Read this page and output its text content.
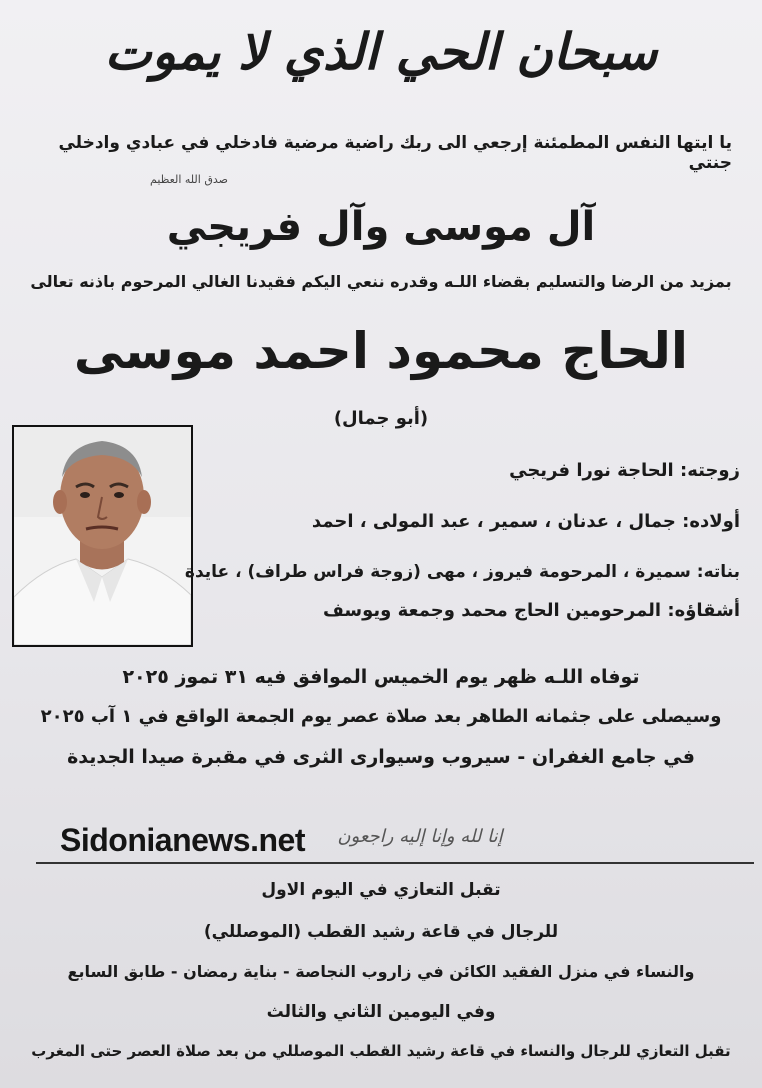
سبحان الحي الذي لا يموت
يا ايتها النفس المطمئنة إرجعي الى ربك راضية مرضية فادخلي في عبادي وادخلي جنتي
صدق الله العظيم
آل موسى وآل فريجي
بمزيد من الرضا والتسليم بقضاء اللـه وقدره ننعي اليكم فقيدنا الغالي المرحوم باذنه تعالى
الحاج محمود احمد موسى
(أبو جمال)
زوجته: الحاجة نورا فريجي
أولاده: جمال ، عدنان ، سمير ، عبد المولى ، احمد
بناته: سميرة ، المرحومة فيروز ، مهى (زوجة فراس طراف) ، عايدة
أشقاؤه: المرحومين الحاج محمد وجمعة ويوسف
توفاه اللـه ظهر يوم الخميس الموافق فيه ٣١ تموز ٢٠٢٥
وسيصلى على جثمانه الطاهر بعد صلاة عصر يوم الجمعة الواقع في ١ آب ٢٠٢٥
في جامع الغفران - سيروب وسيوارى الثرى في مقبرة صيدا الجديدة
Sidonianews.net	إنا لله وإنا إليه راجعون
تقبل التعازي في اليوم الاول
للرجال في قاعة رشيد القطب (الموصللي)
والنساء في منزل الفقيد الكائن في زاروب النجاصة - بناية رمضان - طابق السابع
وفي اليومين الثاني والثالث
تقبل التعازي للرجال والنساء في قاعة رشيد القطب الموصللي من بعد صلاة العصر حتى المغرب
